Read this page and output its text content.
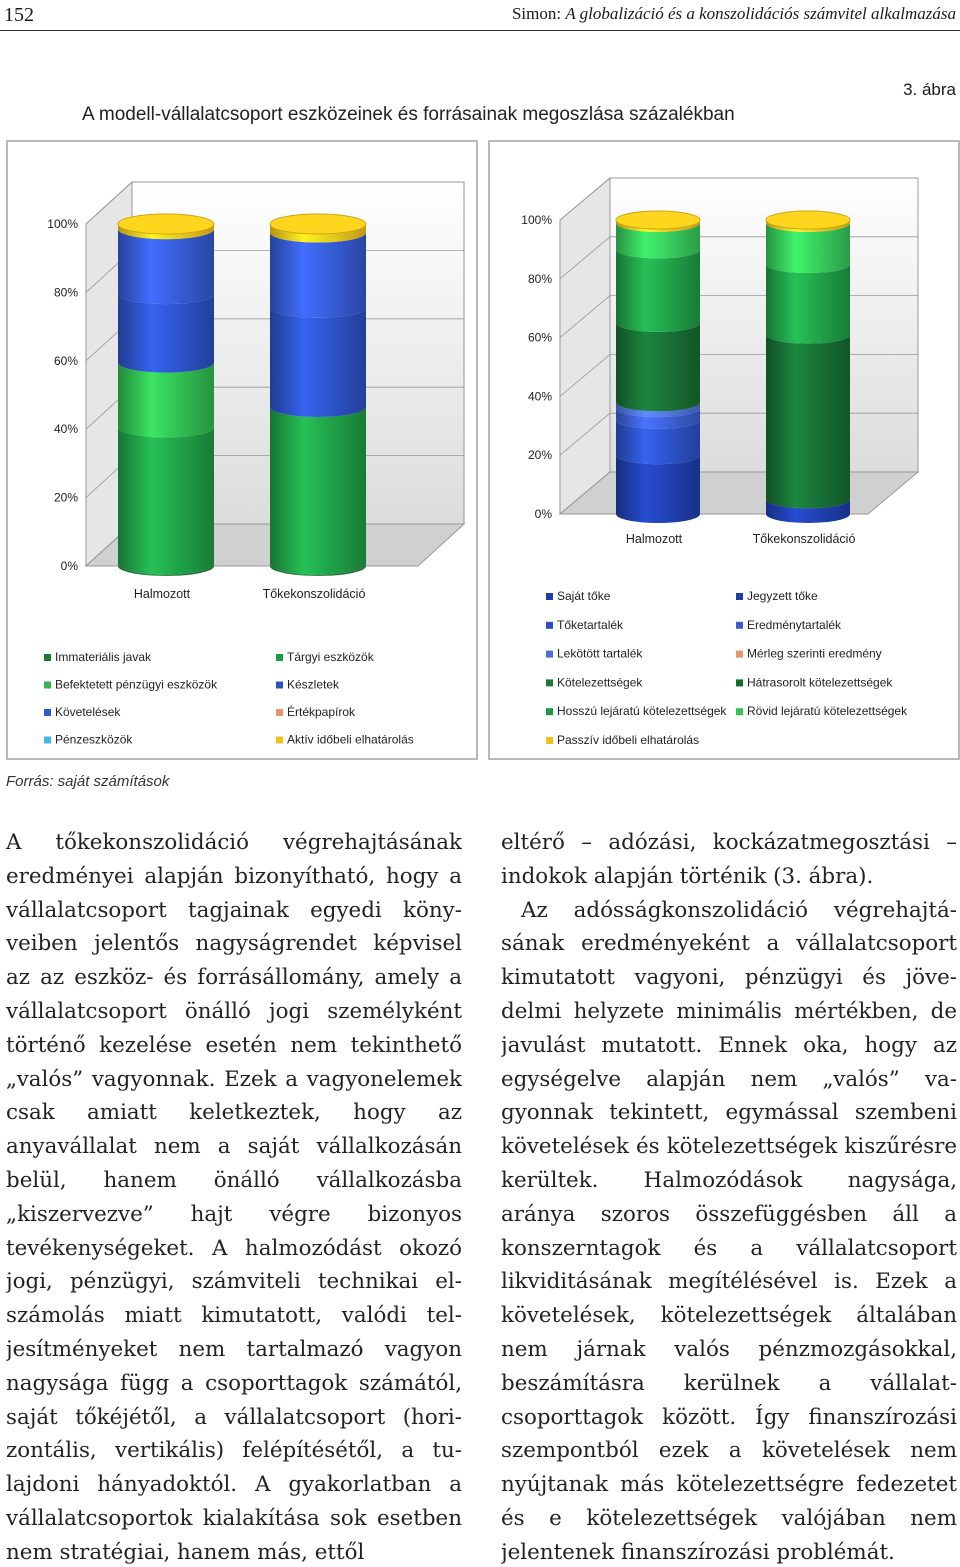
152	Simon: A globalizáció és a konszolidációs számvitel alkalmazása
3. ábra
A modell-vállalatcsoport eszközeinek és forrásainak megoszlása százalékban
0%
20%
40%
60%
80%
100%
Halmozott	Tőkekonszolidáció
Immateriális javak	Tárgyi eszközök
Befektetett pénzügyi eszközök	Készletek
Követelések	Értékpapírok
Pénzeszközök	Aktív időbeli elhatárolás
0%
20%
40%
60%
80%
100%
Halmozott	Tőkekonszolidáció
Saját tőke	Jegyzett tőke
Tőketartalék	Eredménytartalék
Lekötött tartalék	Mérleg szerinti eredmény
Kötelezettségek	Hátrasorolt kötelezettségek
Hosszú lejáratú kötelezettségek Rövid lejáratú kötelezettségek
Passzív időbeli elhatárolás
Forrás: saját számítások

A tőkekonszolidáció végrehajtásának eredményei alapján bizonyítható, hogy a vállalatcsoport tagjainak egyedi könyveiben jelentős nagyságrendet képvisel az az eszköz- és forrásállomány, amely a vállalatcsoport önálló jogi személyként történő kezelése esetén nem tekinthető „valós” vagyonnak. Ezek a vagyonelemek csak amiatt keletkeztek, hogy az anyavállalat nem a saját vállalkozásán belül, hanem önálló vállalkozásba „kiszervezve” hajt végre bizonyos tevékenységeket. A halmozódást okozó jogi, pénzügyi, számviteli technikai elszámolás miatt kimutatott, valódi teljesítményeket nem tartalmazó vagyon nagysága függ a csoporttagok számától, saját tőkéjétől, a vállalatcsoport (horizontális, vertikális) felépítésétől, a tulajdoni hányadoktól. A gyakorlatban a vállalatcsoportok kialakítása sok esetben nem stratégiai, hanem más, ettől

eltérő – adózási, kockázatmegosztási – indokok alapján történik (3. ábra).

Az adósságkonszolidáció végrehajtásának eredményeként a vállalatcsoport kimutatott vagyoni, pénzügyi és jövedelmi helyzete minimális mértékben, de javulást mutatott. Ennek oka, hogy az egységelve alapján nem „valós” vagyonnak tekintett, egymással szembeni követelések és kötelezettségek kiszűrésre kerültek. Halmozódások nagysága, aránya szoros összefüggésben áll a konszerntagok és a vállalatcsoport likviditásának megítélésével is. Ezek a követelések, kötelezettségek általában nem járnak valós pénzmozgásokkal, beszámításra kerülnek a vállalatcsoporttagok között. Így finanszírozási szempontból ezek a követelések nem nyújtanak más kötelezettségre fedezetet és e kötelezettségek valójában nem jelentenek finanszírozási problémát.
